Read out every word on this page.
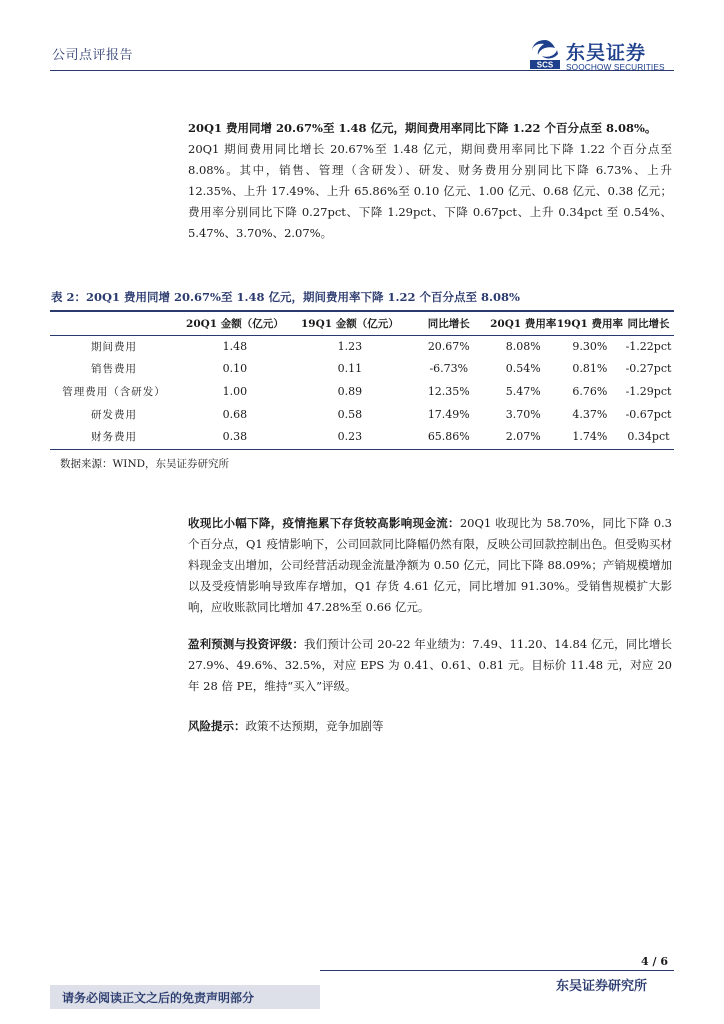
公司点评报告
SCS
东吴证券
SOOCHOW SECURITIES
20Q1 费用同增 20.67%至 1.48 亿元，期间费用率同比下降 1.22 个百分点至 8.08%。
20Q1 期间费用同比增长 20.67%至 1.48 亿元，期间费用率同比下降 1.22 个百分点至 8.08%。其中，销售、管理（含研发）、研发、财务费用分别同比下降 6.73%、上升 12.35%、上升 17.49%、上升 65.86%至 0.10 亿元、1.00 亿元、0.68 亿元、0.38 亿元；费用率分别同比下降 0.27pct、下降 1.29pct、下降 0.67pct、上升 0.34pct 至 0.54%、5.47%、3.70%、2.07%。
表 2：20Q1 费用同增 20.67%至 1.48 亿元，期间费用率下降 1.22 个百分点至 8.08%
	20Q1 金额（亿元）	19Q1 金额（亿元）	同比增长	20Q1 费用率	19Q1 费用率	同比增长
期间费用	1.48	1.23	20.67%	8.08%	9.30%	-1.22pct
销售费用	0.10	0.11	-6.73%	0.54%	0.81%	-0.27pct
管理费用（含研发）	1.00	0.89	12.35%	5.47%	6.76%	-1.29pct
研发费用	0.68	0.58	17.49%	3.70%	4.37%	-0.67pct
财务费用	0.38	0.23	65.86%	2.07%	1.74%	0.34pct
数据来源：WIND，东吴证券研究所
收现比小幅下降，疫情拖累下存货较高影响现金流：20Q1 收现比为 58.70%，同比下降 0.3 个百分点，Q1 疫情影响下，公司回款同比降幅仍然有限，反映公司回款控制出色。但受购买材料现金支出增加，公司经营活动现金流量净额为 0.50 亿元，同比下降 88.09%；产销规模增加以及受疫情影响导致库存增加，Q1 存货 4.61 亿元，同比增加 91.30%。受销售规模扩大影响，应收账款同比增加 47.28%至 0.66 亿元。
盈利预测与投资评级：我们预计公司 20-22 年业绩为：7.49、11.20、14.84 亿元，同比增长 27.9%、49.6%、32.5%，对应 EPS 为 0.41、0.61、0.81 元。目标价 11.48 元，对应 20 年 28 倍 PE，维持“买入”评级。
风险提示：政策不达预期，竞争加剧等
4 / 6
请务必阅读正文之后的免责声明部分
东吴证券研究所
